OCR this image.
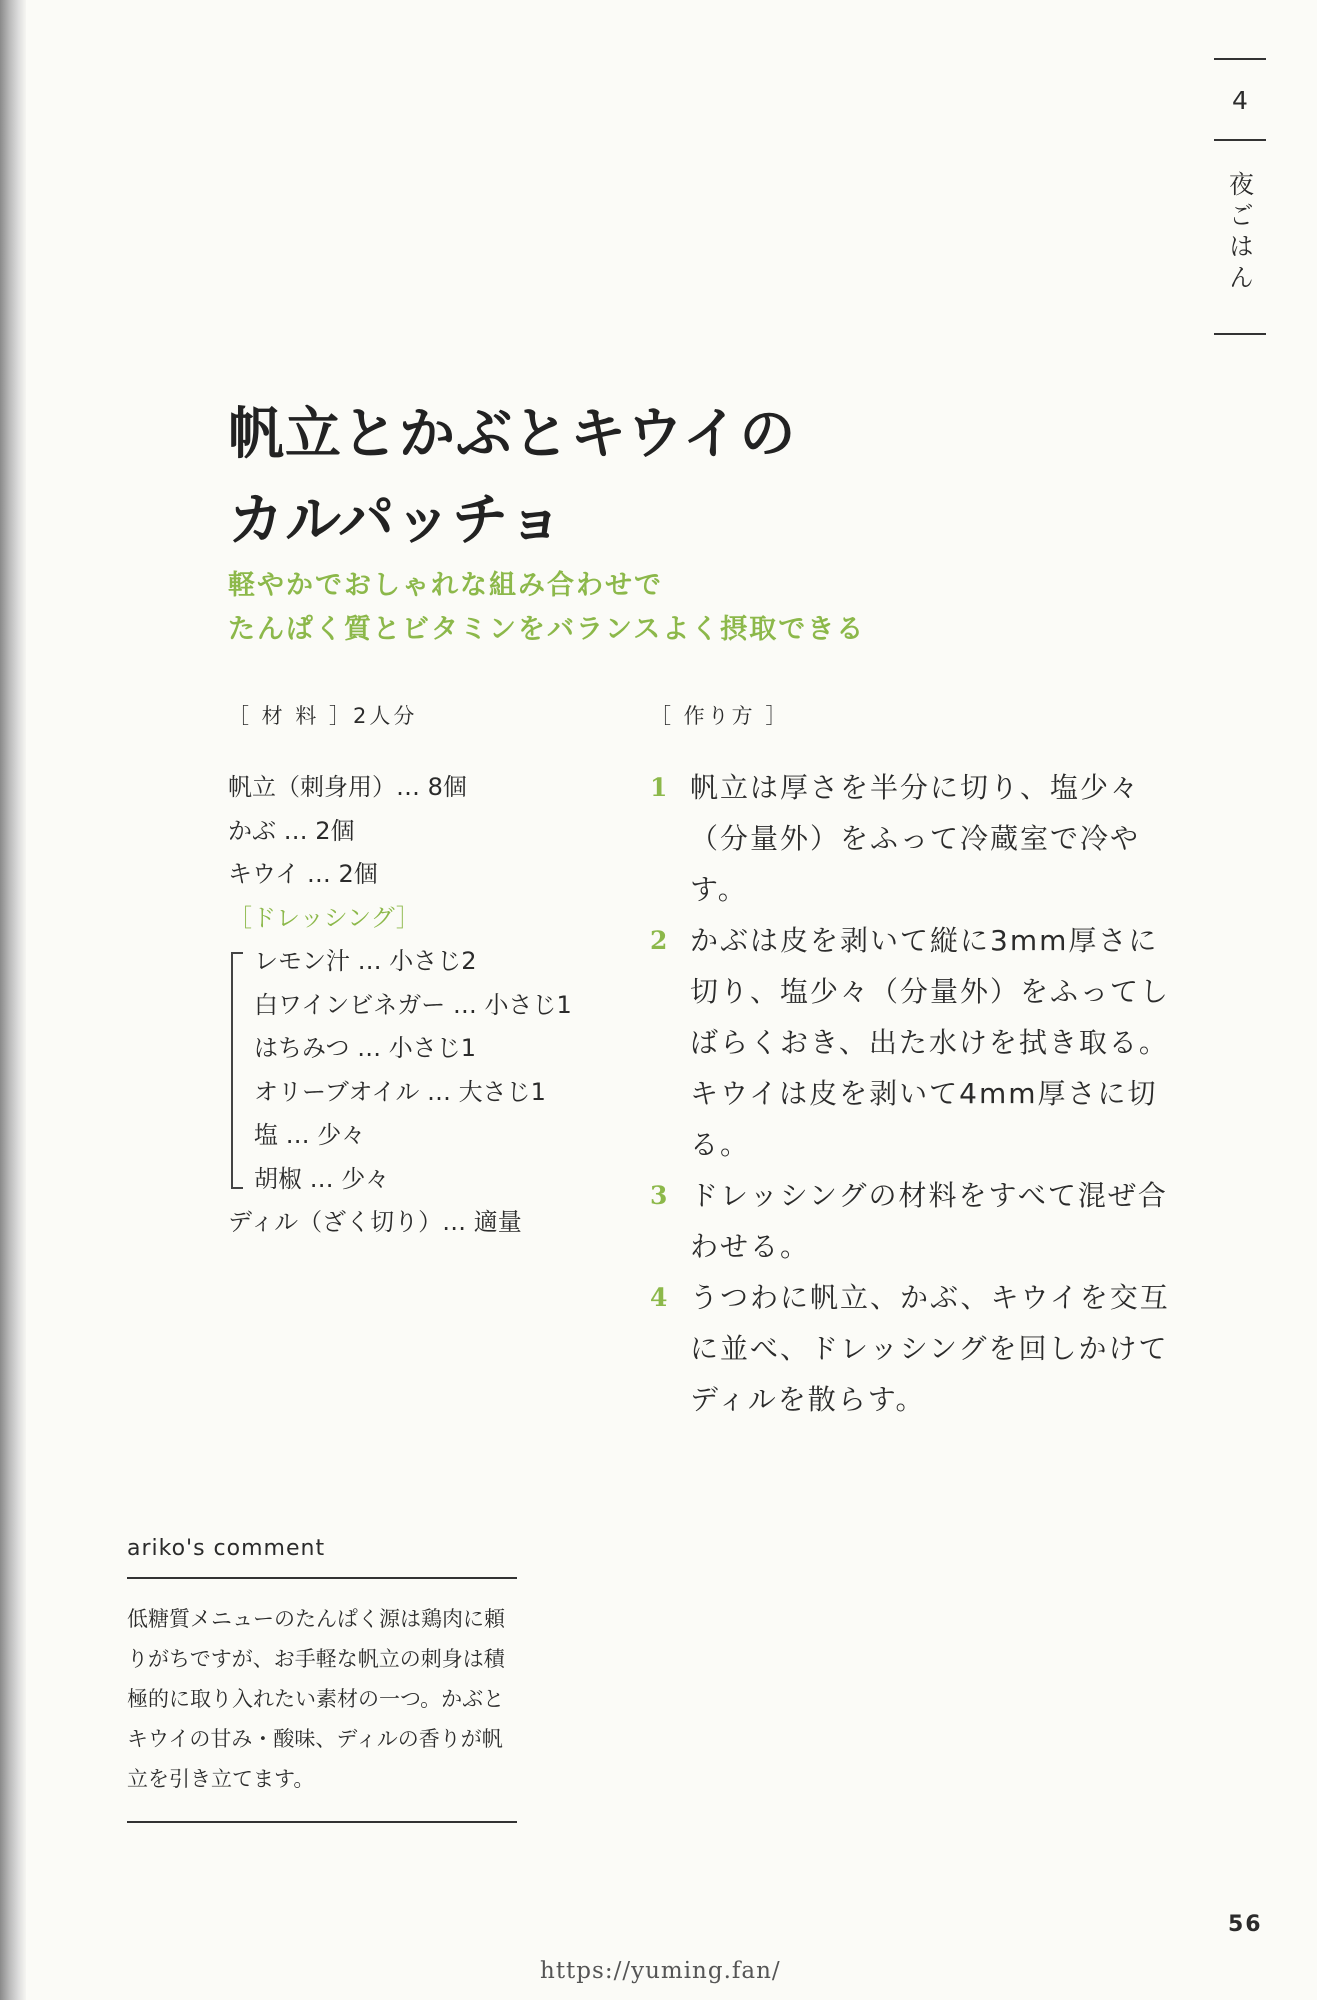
4
夜ごはん
帆立とかぶとキウイの
カルパッチョ
軽やかでおしゃれな組み合わせで
たんぱく質とビタミンをバランスよく摂取できる
［ 材 料 ］2人分
帆立（刺身用）… 8個
かぶ … 2個
キウイ … 2個
［ドレッシング］
レモン汁 … 小さじ2
白ワインビネガー … 小さじ1
はちみつ … 小さじ1
オリーブオイル … 大さじ1
塩 … 少々
胡椒 … 少々
ディル（ざく切り）… 適量
［ 作り方 ］
1 帆立は厚さを半分に切り、塩少々（分量外）をふって冷蔵室で冷やす。
2 かぶは皮を剥いて縦に3mm厚さに切り、塩少々（分量外）をふってしばらくおき、出た水けを拭き取る。キウイは皮を剥いて4mm厚さに切る。
3 ドレッシングの材料をすべて混ぜ合わせる。
4 うつわに帆立、かぶ、キウイを交互に並べ、ドレッシングを回しかけてディルを散らす。
ariko's comment
低糖質メニューのたんぱく源は鶏肉に頼りがちですが、お手軽な帆立の刺身は積極的に取り入れたい素材の一つ。かぶとキウイの甘み・酸味、ディルの香りが帆立を引き立てます。
56
https://yuming.fan/
